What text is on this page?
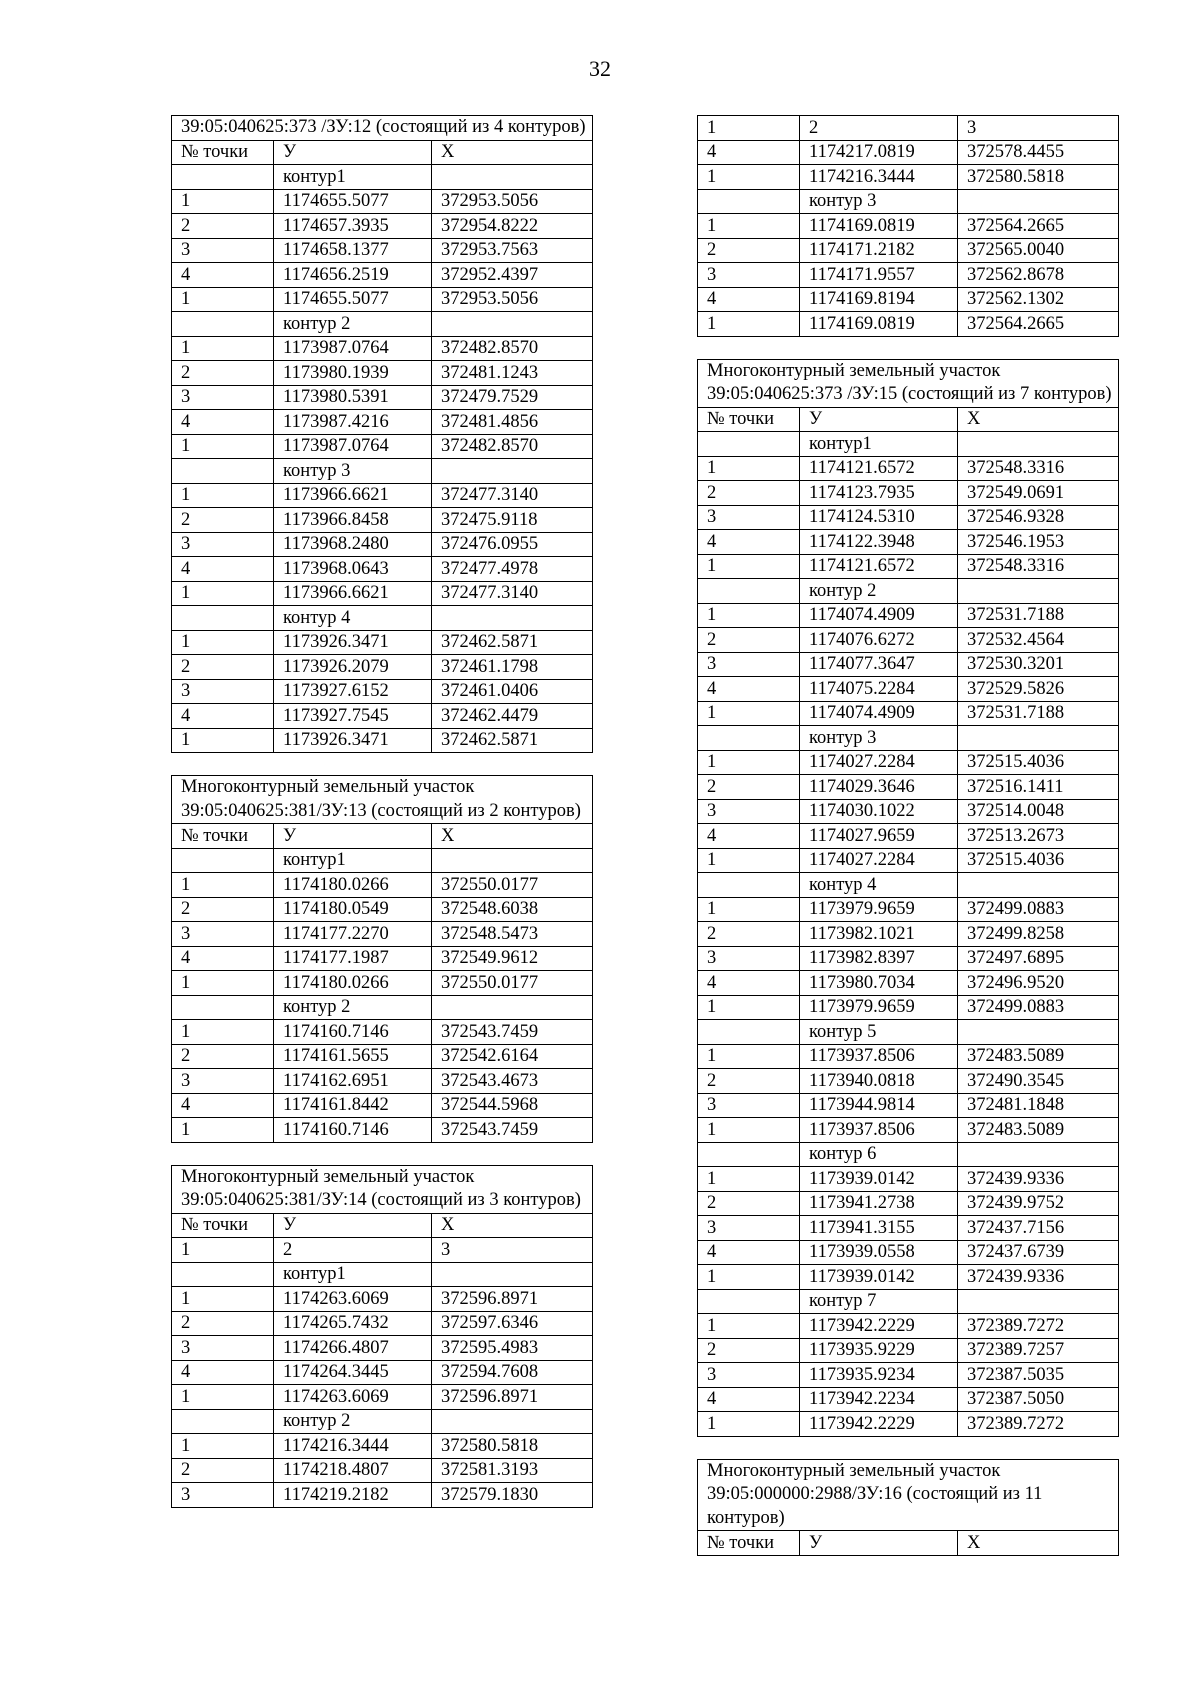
32
39:05:040625:373 /ЗУ:12 (состоящий из 4 контуров)		
№ точки	У	Х
	контур1	
1	1174655.5077	372953.5056
2	1174657.3935	372954.8222
3	1174658.1377	372953.7563
4	1174656.2519	372952.4397
1	1174655.5077	372953.5056
	контур 2	
1	1173987.0764	372482.8570
2	1173980.1939	372481.1243
3	1173980.5391	372479.7529
4	1173987.4216	372481.4856
1	1173987.0764	372482.8570
	контур 3	
1	1173966.6621	372477.3140
2	1173966.8458	372475.9118
3	1173968.2480	372476.0955
4	1173968.0643	372477.4978
1	1173966.6621	372477.3140
	контур 4	
1	1173926.3471	372462.5871
2	1173926.2079	372461.1798
3	1173927.6152	372461.0406
4	1173927.7545	372462.4479
1	1173926.3471	372462.5871
Многоконтурный земельный участок 39:05:040625:381/ЗУ:13 (состоящий из 2 контуров)		
№ точки	У	Х
	контур1	
1	1174180.0266	372550.0177
2	1174180.0549	372548.6038
3	1174177.2270	372548.5473
4	1174177.1987	372549.9612
1	1174180.0266	372550.0177
	контур 2	
1	1174160.7146	372543.7459
2	1174161.5655	372542.6164
3	1174162.6951	372543.4673
4	1174161.8442	372544.5968
1	1174160.7146	372543.7459
Многоконтурный земельный участок 39:05:040625:381/ЗУ:14 (состоящий из 3 контуров)		
№ точки	У	Х
1	2	3
	контур1	
1	1174263.6069	372596.8971
2	1174265.7432	372597.6346
3	1174266.4807	372595.4983
4	1174264.3445	372594.7608
1	1174263.6069	372596.8971
	контур 2	
1	1174216.3444	372580.5818
2	1174218.4807	372581.3193
3	1174219.2182	372579.1830
1	2	3
4	1174217.0819	372578.4455
1	1174216.3444	372580.5818
	контур 3	
1	1174169.0819	372564.2665
2	1174171.2182	372565.0040
3	1174171.9557	372562.8678
4	1174169.8194	372562.1302
1	1174169.0819	372564.2665
Многоконтурный земельный участок 39:05:040625:373 /ЗУ:15 (состоящий из 7 контуров)		
№ точки	У	Х
	контур1	
1	1174121.6572	372548.3316
2	1174123.7935	372549.0691
3	1174124.5310	372546.9328
4	1174122.3948	372546.1953
1	1174121.6572	372548.3316
	контур 2	
1	1174074.4909	372531.7188
2	1174076.6272	372532.4564
3	1174077.3647	372530.3201
4	1174075.2284	372529.5826
1	1174074.4909	372531.7188
	контур 3	
1	1174027.2284	372515.4036
2	1174029.3646	372516.1411
3	1174030.1022	372514.0048
4	1174027.9659	372513.2673
1	1174027.2284	372515.4036
	контур 4	
1	1173979.9659	372499.0883
2	1173982.1021	372499.8258
3	1173982.8397	372497.6895
4	1173980.7034	372496.9520
1	1173979.9659	372499.0883
	контур 5	
1	1173937.8506	372483.5089
2	1173940.0818	372490.3545
3	1173944.9814	372481.1848
1	1173937.8506	372483.5089
	контур 6	
1	1173939.0142	372439.9336
2	1173941.2738	372439.9752
3	1173941.3155	372437.7156
4	1173939.0558	372437.6739
1	1173939.0142	372439.9336
	контур 7	
1	1173942.2229	372389.7272
2	1173935.9229	372389.7257
3	1173935.9234	372387.5035
4	1173942.2234	372387.5050
1	1173942.2229	372389.7272
Многоконтурный земельный участок 39:05:000000:2988/ЗУ:16 (состоящий из 11 контуров)
№ точки	У	Х
